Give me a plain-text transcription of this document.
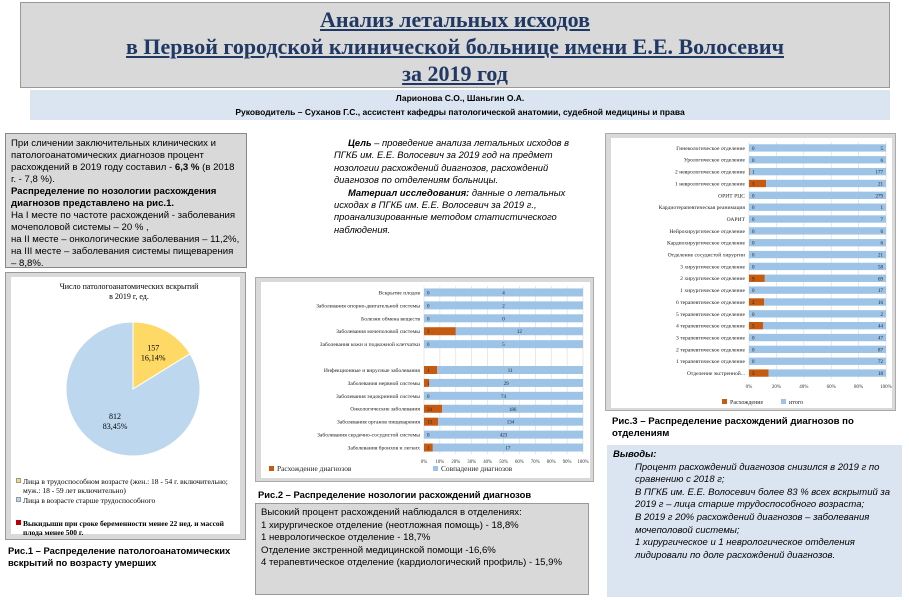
Анализ летальных исходов
в Первой городской клинической больнице имени Е.Е. Волосевич
за 2019 год
Ларионова С.О., Шаньгин О.А.
Руководитель – Суханов Г.С., ассистент кафедры патологической анатомии, судебной медицины и права

При сличении заключительных клинических и патологоанатомических диагнозов процент расхождений в 2019 году составил - 6,3 % (в 2018 г. - 7,8 %).

Распределение по нозологии расхождения диагнозов представлено на рис.1.

На I месте по частоте расхождений - заболевания мочеполовой системы – 20 % ,

на II месте – онкологические заболевания – 11,2%,

на III месте – заболевания системы пищеварения – 8,8%.

Цель – проведение анализа летальных исходов в ПГКБ им. Е.Е. Волосевич за 2019 год на предмет нозологии расхождений диагнозов, расхождений диагнозов по отделениям больницы.

Материал исследования: данные о летальных исходах в ПГКБ им. Е.Е. Волосевич за 2019 г., проанализированные методом статистического наблюдения.

Число патологоанатомических вскрытий в 2019 г, ед.
157
16,14%
812
83,45%
Лица в трудоспособном возрасте (жен.: 18 - 54 г. включительно; муж.: 18 - 59 лет включительно)
Лица в возрасте старше трудоспособного
Выкидыши при сроке беременности менее 22 нед. и массой плода менее 500 г.
Рис.1 – Распределение патологоанатомических вскрытий по возрасту умерших
0% 10% 20% 30% 40% 50% 60% 70% 80% 90% 100%
Вскрытие плодов 0	4
Заболевания опорно-двигательной системы 0	2
Болезни обмена веществ 0	0
Заболевания мочеполовой системы 3	12
Заболевания кожи и подкожной клетчатки 0	5
Инфекционные и вирусные заболевания 1	11
Заболевания нервной системы 1	29
Заболевания эндокринной системы 0	74
Онкологические заболевания 24	186
Заболевания органов пищеварения 13	134
Заболевания сердечно-сосудистой системы 0	423
Заболевания бронхов и легких 1	17
Расхождение диагнозов	Совпадение диагнозов
Рис.2 – Распределение нозологии расхождений диагнозов
Высокий процент расхождений наблюдался в отделениях:
1 хирургическое отделение (неотложная помощь) - 18,8%
1 неврологическое отделение - 18,7%
Отделение экстренной медицинской помощи -16,6%
4 терапевтическое отделение (кардиологический профиль) - 15,9%
0%	20%	40%	60%	80%	100%
Гинекологическое отделение 0	5
Урологическое отделение 0	6
2 неврологическое отделение 1	177
1 неврологическое отделение 3	21
ОРИТ РЦС 0	279
Кардиотерапевтическая реанимация 0	1
ОАРИТ 0	7
Нейрохирургическое отделение 0	6
Кардиохирургическое отделение 0	6
Отделение сосудистой хирургии 0	21
3 хирургическое отделение 0	58
2 хирургическое отделение 9	69
1 хирургическое отделение 0	17
6 терапевтическое отделение 2	16
5 терапевтическое отделение 0	2
4 терапевтическое отделение 5	44
3 терапевтическое отделение 0	47
2 терапевтическое отделение 0	87
1 терапевтическое отделение 0	72
Отделение экстренной... 3	18
Расхождение	итого
Рис.3 – Распределение расхождений диагнозов по отделениям
Выводы:
Процент расхождений диагнозов снизился в 2019 г по сравнению с 2018 г;
В ПГКБ им. Е.Е. Волосевич более 83 % всех вскрытий за 2019 г – лица старше трудоспособного возраста;
В 2019 г 20% расхождений диагнозов – заболевания мочеполовой системы;
1 хирургическое и 1 неврологическое отделения лидировали по доле расхождений диагнозов.
